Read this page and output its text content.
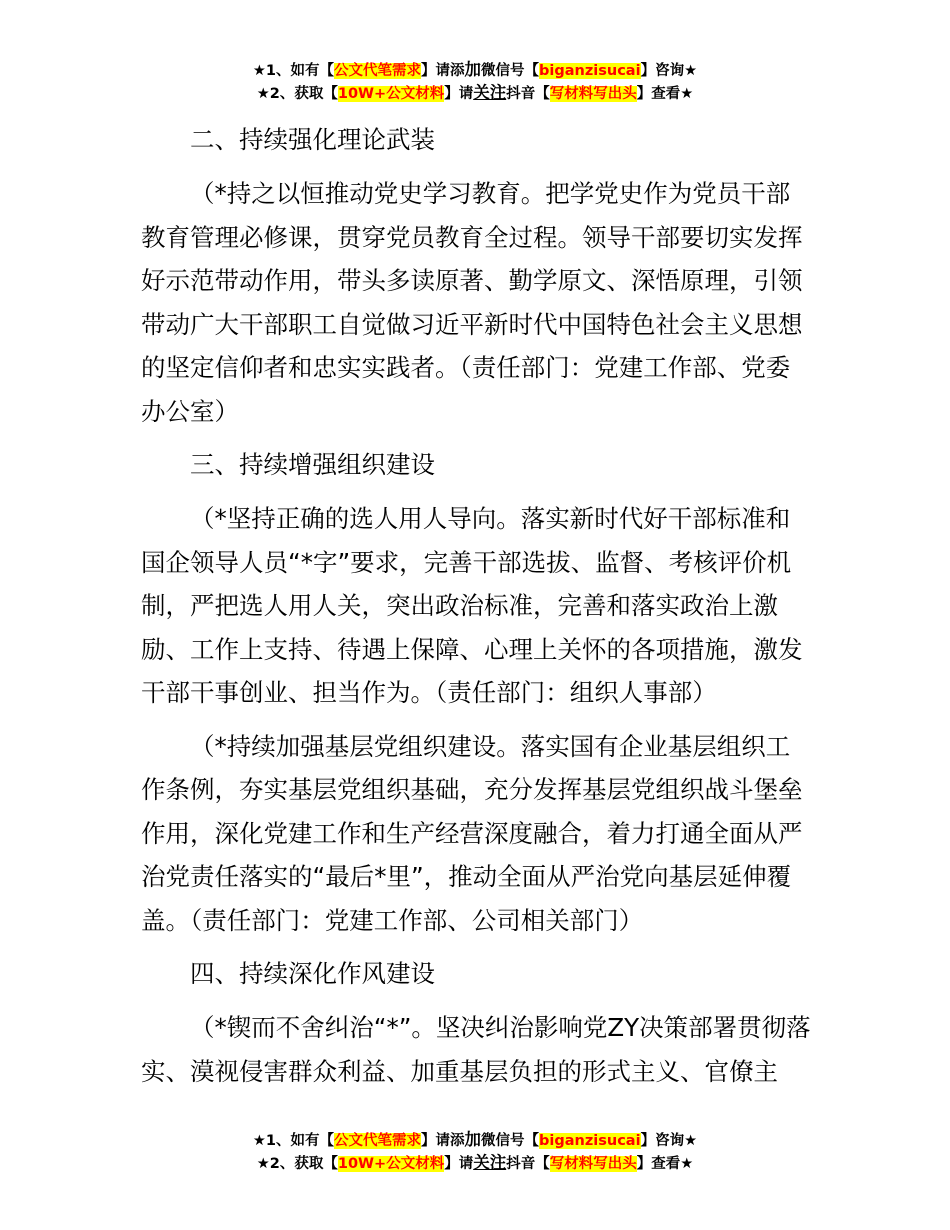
★1、如有【公文代笔需求】请添加微信号【biganzisucai】咨询★
★2、获取【10W+公文材料】请关注抖音【写材料写出头】查看★
二、持续强化理论武装

（*持之以恒推动党史学习教育。把学党史作为党员干部教育管理必修课，贯穿党员教育全过程。领导干部要切实发挥好示范带动作用，带头多读原著、勤学原文、深悟原理，引领带动广大干部职工自觉做习近平新时代中国特色社会主义思想的坚定信仰者和忠实实践者。（责任部门：党建工作部、党委办公室）

三、持续增强组织建设

（*坚持正确的选人用人导向。落实新时代好干部标准和国企领导人员“*字”要求，完善干部选拔、监督、考核评价机制，严把选人用人关，突出政治标准，完善和落实政治上激励、工作上支持、待遇上保障、心理上关怀的各项措施，激发干部干事创业、担当作为。（责任部门：组织人事部）

（*持续加强基层党组织建设。落实国有企业基层组织工作条例，夯实基层党组织基础，充分发挥基层党组织战斗堡垒作用，深化党建工作和生产经营深度融合，着力打通全面从严治党责任落实的“最后*里”，推动全面从严治党向基层延伸覆盖。（责任部门：党建工作部、公司相关部门）

四、持续深化作风建设

（*锲而不舍纠治“*”。坚决纠治影响党ZY决策部署贯彻落实、漠视侵害群众利益、加重基层负担的形式主义、官僚主

★1、如有【公文代笔需求】请添加微信号【biganzisucai】咨询★
★2、获取【10W+公文材料】请关注抖音【写材料写出头】查看★
